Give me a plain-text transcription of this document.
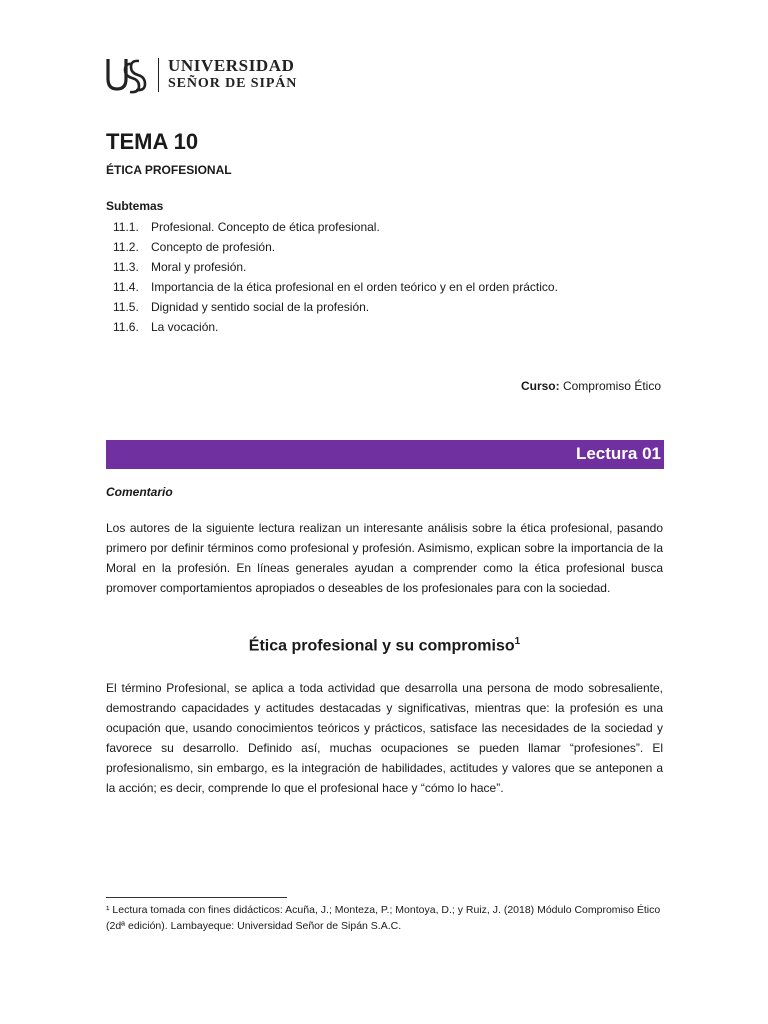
UNIVERSIDAD
SEÑOR DE SIPÁN
TEMA 10
ÉTICA PROFESIONAL
Subtemas
11.1.	Profesional. Concepto de ética profesional.
11.2.	Concepto de profesión.
11.3.	Moral y profesión.
11.4.	Importancia de la ética profesional en el orden teórico y en el orden práctico.
11.5.	Dignidad y sentido social de la profesión.
11.6.	La vocación.
Curso: Compromiso Ético
Lectura 01
Comentario

Los autores de la siguiente lectura realizan un interesante análisis sobre la ética profesional, pasando primero por definir términos como profesional y profesión. Asimismo, explican sobre la importancia de la Moral en la profesión. En líneas generales ayudan a comprender como la ética profesional busca promover comportamientos apropiados o deseables de los profesionales para con la sociedad.

Ética profesional y su compromiso$^1$

El término Profesional, se aplica a toda actividad que desarrolla una persona de modo sobresaliente, demostrando capacidades y actitudes destacadas y significativas, mientras que: la profesión es una ocupación que, usando conocimientos teóricos y prácticos, satisface las necesidades de la sociedad y favorece su desarrollo. Definido así, muchas ocupaciones se pueden llamar “profesiones”. El profesionalismo, sin embargo, es la integración de habilidades, actitudes y valores que se anteponen a la acción; es decir, comprende lo que el profesional hace y “cómo lo hace”.

¹ Lectura tomada con fines didácticos: Acuña, J.; Monteza, P.; Montoya, D.; y Ruiz, J. (2018) Módulo Compromiso Ético (2dª edición). Lambayeque: Universidad Señor de Sipán S.A.C.
